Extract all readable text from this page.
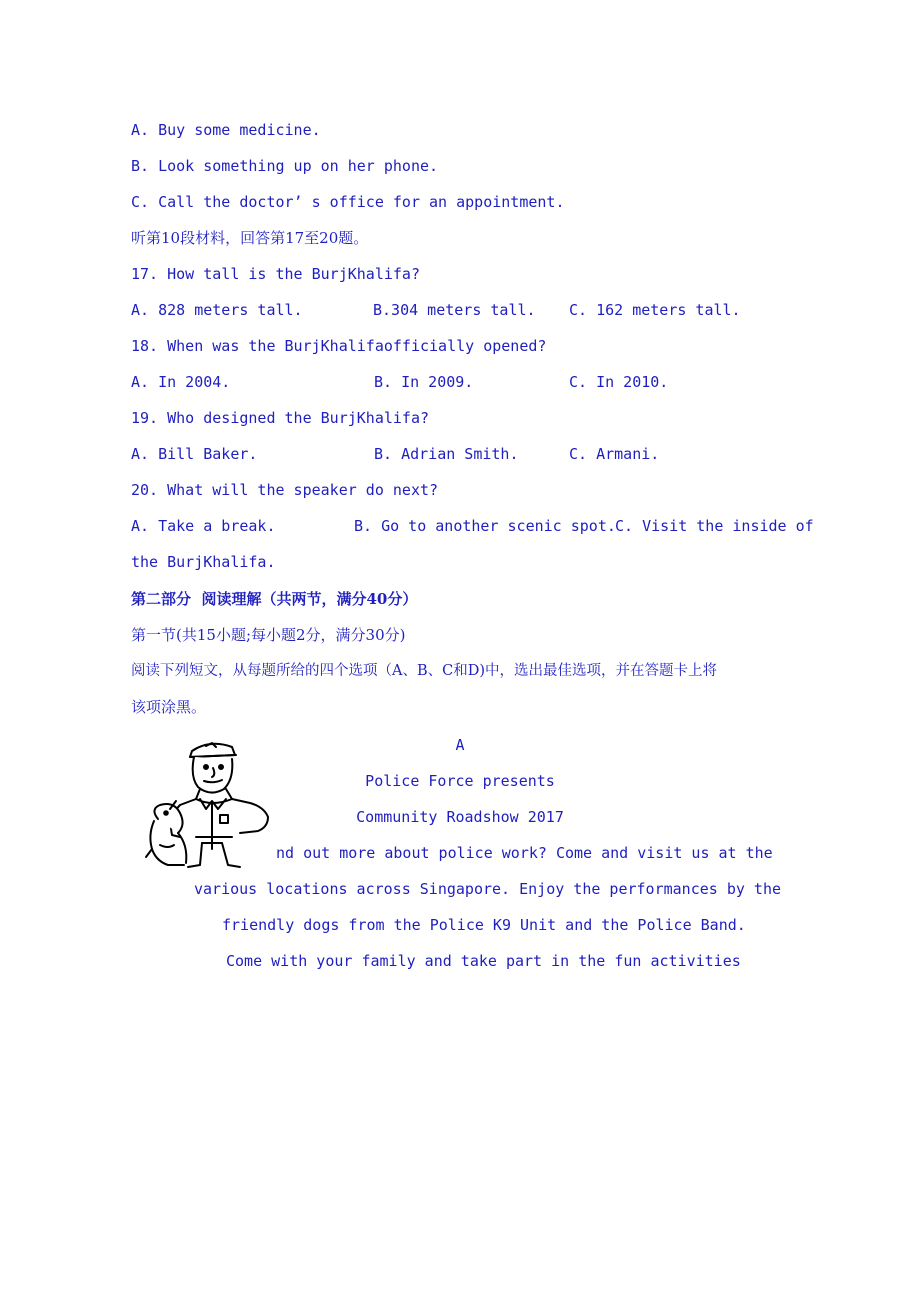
A. Buy some medicine.
B. Look something up on her phone.
C. Call the doctor’ s office for an appointment.
听第10段材料，回答第17至20题。
17. How tall is the BurjKhalifa?
A. 828 meters tall.	B.304 meters tall. C. 162 meters tall.
18. When was the BurjKhalifaofficially opened?
A. In 2004.	B. In 2009.	C. In 2010.
19. Who designed the BurjKhalifa?
A. Bill Baker.	B. Adrian Smith.	C. Armani.
20. What will the speaker do next?
A. Take a break.	B. Go to another scenic spot. C. Visit the inside of
the BurjKhalifa.
第二部分  阅读理解（共两节，满分40分）
第一节(共15小题;每小题2分，满分30分)
阅读下列短文，从每题所给的四个选项（A、B、C和D)中，选出最佳选项，并在答题卡上将
该项涂黑。
A
Police Force presents
Community Roadshow 2017
nd out more about police work? Come and visit us at the
various locations across Singapore. Enjoy the performances by the
friendly dogs from the Police K9 Unit and the Police Band.
Come with your family and take part in the fun activities
